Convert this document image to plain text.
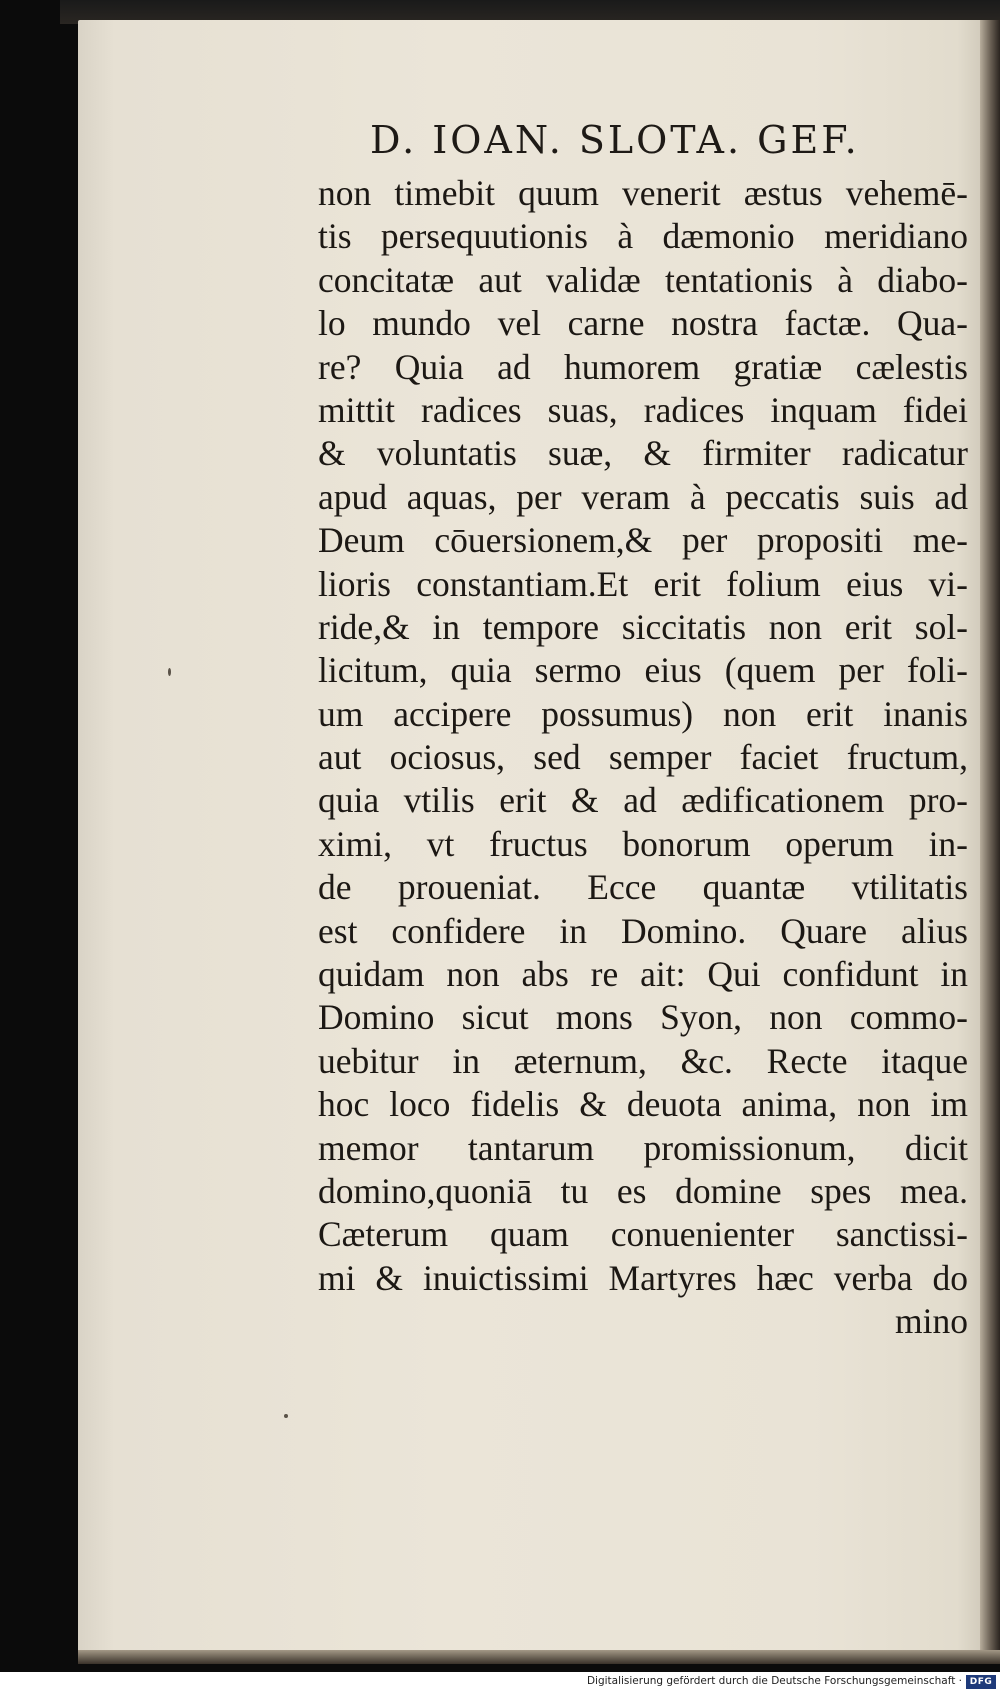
D. IOAN. SLOTA. GEF.
non timebit quum venerit æstus vehemē-
tis persequutionis à dæmonio meridiano
concitatæ aut validæ tentationis à diabo-
lo mundo vel carne nostra factæ. Qua-
re? Quia ad humorem gratiæ cælestis
mittit radices suas, radices inquam fidei
& voluntatis suæ, & firmiter radicatur
apud aquas, per veram à peccatis suis ad
Deum cōuersionem,& per propositi me-
lioris constantiam.Et erit folium eius vi-
ride,& in tempore siccitatis non erit sol-
licitum, quia sermo eius (quem per foli-
um accipere possumus) non erit inanis
aut ociosus, sed semper faciet fructum,
quia vtilis erit & ad ædificationem pro-
ximi, vt fructus bonorum operum in-
de proueniat. Ecce quantæ vtilitatis
est confidere in Domino. Quare alius
quidam non abs re ait: Qui confidunt in
Domino sicut mons Syon, non commo-
uebitur in æternum, &c. Recte itaque
hoc loco fidelis & deuota anima, non im
memor tantarum promissionum, dicit
domino,quoniā tu es domine spes mea.
Cæterum quam conuenienter sanctissi-
mi & inuictissimi Martyres hæc verba do
mino
Digitalisierung gefördert durch die Deutsche Forschungsgemeinschaft · DFG
